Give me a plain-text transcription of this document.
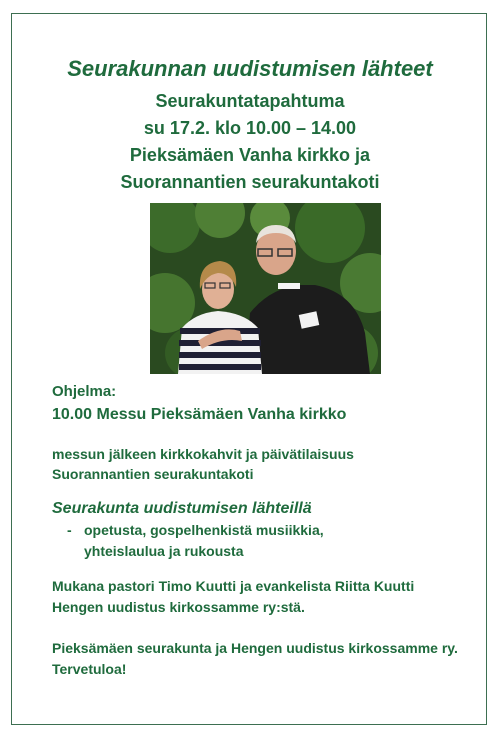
Seurakunnan uudistumisen lähteet

Seurakuntatapahtuma

su 17.2. klo 10.00 – 14.00

Pieksämäen Vanha kirkko ja

Suorannantien seurakuntakoti

Ohjelma:

10.00 Messu Pieksämäen Vanha kirkko

messun jälkeen kirkkokahvit ja päivätilaisuus

Suorannantien seurakuntakoti

Seurakunta uudistumisen lähteillä

- opetusta, gospelhenkistä musiikkia,

yhteislaulua ja rukousta

Mukana pastori Timo Kuutti ja evankelista Riitta Kuutti

Hengen uudistus kirkossamme ry:stä.

Pieksämäen seurakunta ja Hengen uudistus kirkossamme ry.

Tervetuloa!
